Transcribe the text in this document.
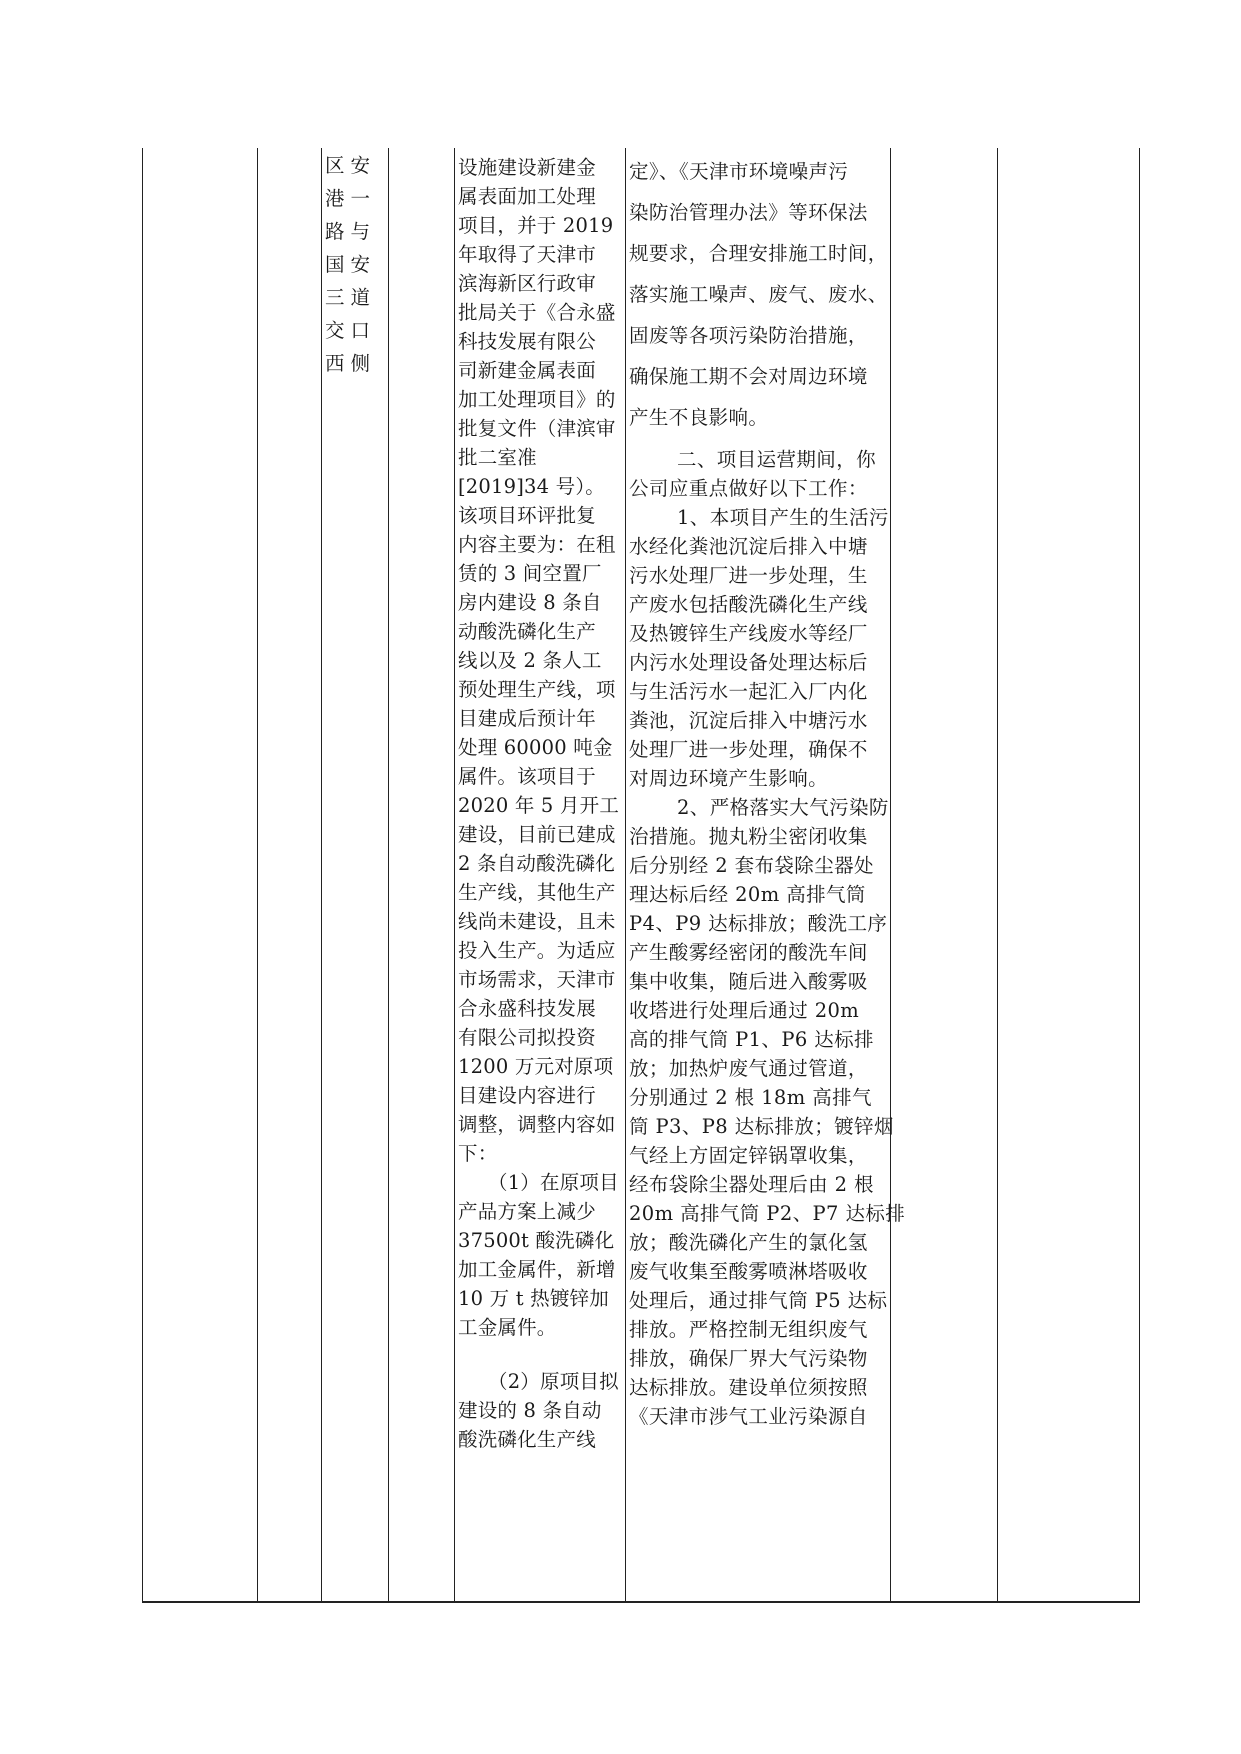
区安
港一
路与
国安
三道
交口
西侧
设施建设新建金
属表面加工处理
项目，并于 2019
年取得了天津市
滨海新区行政审
批局关于《合永盛
科技发展有限公
司新建金属表面
加工处理项目》的
批复文件（津滨审
批二室准
[2019]34 号）。
该项目环评批复
内容主要为：在租
赁的 3 间空置厂
房内建设 8 条自
动酸洗磷化生产
线以及 2 条人工
预处理生产线，项
目建成后预计年
处理 60000 吨金
属件。该项目于
2020 年 5 月开工
建设，目前已建成
2 条自动酸洗磷化
生产线，其他生产
线尚未建设，且未
投入生产。为适应
市场需求，天津市
合永盛科技发展
有限公司拟投资
1200 万元对原项
目建设内容进行
调整，调整内容如
下：
（1）在原项目
产品方案上减少
37500t 酸洗磷化
加工金属件，新增
10 万 t 热镀锌加
工金属件。
（2）原项目拟
建设的 8 条自动
酸洗磷化生产线
定》、《天津市环境噪声污
染防治管理办法》等环保法
规要求，合理安排施工时间，
落实施工噪声、废气、废水、
固废等各项污染防治措施，
确保施工期不会对周边环境
产生不良影响。
二、项目运营期间，你
公司应重点做好以下工作：
1、本项目产生的生活污
水经化粪池沉淀后排入中塘
污水处理厂进一步处理，生
产废水包括酸洗磷化生产线
及热镀锌生产线废水等经厂
内污水处理设备处理达标后
与生活污水一起汇入厂内化
粪池，沉淀后排入中塘污水
处理厂进一步处理，确保不
对周边环境产生影响。
2、严格落实大气污染防
治措施。抛丸粉尘密闭收集
后分别经 2 套布袋除尘器处
理达标后经 20m 高排气筒
P4、P9 达标排放；酸洗工序
产生酸雾经密闭的酸洗车间
集中收集，随后进入酸雾吸
收塔进行处理后通过 20m
高的排气筒 P1、P6 达标排
放；加热炉废气通过管道，
分别通过 2 根 18m 高排气
筒 P3、P8 达标排放；镀锌烟
气经上方固定锌锅罩收集，
经布袋除尘器处理后由 2 根
20m 高排气筒 P2、P7 达标排
放；酸洗磷化产生的氯化氢
废气收集至酸雾喷淋塔吸收
处理后，通过排气筒 P5 达标
排放。严格控制无组织废气
排放，确保厂界大气污染物
达标排放。建设单位须按照
《天津市涉气工业污染源自
